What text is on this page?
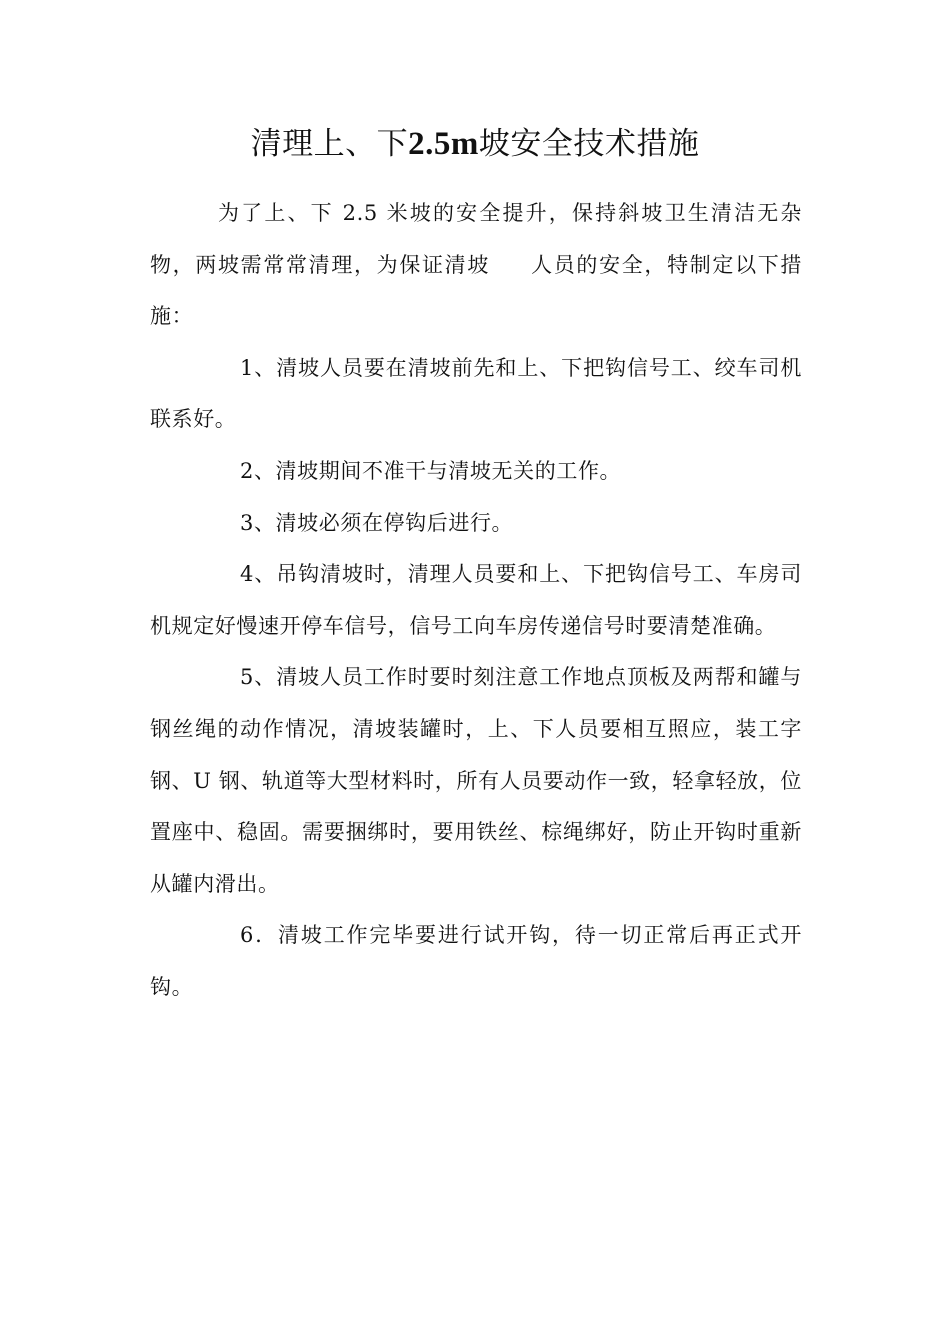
清理上、下2.5m坡安全技术措施

为了上、下 2.5 米坡的安全提升，保持斜坡卫生清洁无杂物，两坡需常常清理，为保证清坡 人员的安全，特制定以下措施：

1、清坡人员要在清坡前先和上、下把钩信号工、绞车司机联系好。

2、清坡期间不准干与清坡无关的工作。

3、清坡必须在停钩后进行。

4、吊钩清坡时，清理人员要和上、下把钩信号工、车房司机规定好慢速开停车信号，信号工向车房传递信号时要清楚准确。

5、清坡人员工作时要时刻注意工作地点顶板及两帮和罐与钢丝绳的动作情况，清坡装罐时，上、下人员要相互照应，装工字钢、U 钢、轨道等大型材料时，所有人员要动作一致，轻拿轻放，位置座中、稳固。需要捆绑时，要用铁丝、棕绳绑好，防止开钩时重新从罐内滑出。

6．清坡工作完毕要进行试开钩，待一切正常后再正式开钩。
